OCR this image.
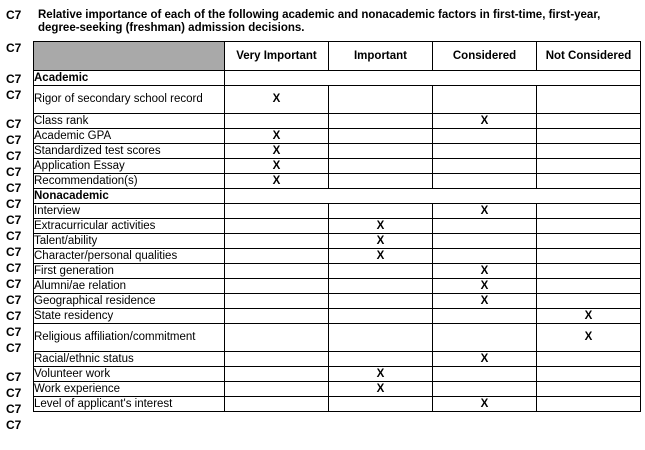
C7
C7
C7
C7
C7
C7
C7
C7
C7
C7
C7
C7
C7
C7
C7
C7
C7
C7
C7
C7
C7
C7
C7
Relative importance of each of the following academic and nonacademic factors in first-time, first-year, degree-seeking (freshman) admission decisions.
	Very Important	Important	Considered	Not Considered
Academic				
Rigor of secondary school record	X			
Class rank			X	
Academic GPA	X			
Standardized test scores	X			
Application Essay	X			
Recommendation(s)	X			
Nonacademic				
Interview			X	
Extracurricular activities		X		
Talent/ability		X		
Character/personal qualities		X		
First generation			X	
Alumni/ae relation			X	
Geographical residence			X	
State residency				X
Religious affiliation/commitment				X
Racial/ethnic status			X	
Volunteer work		X		
Work experience		X		
Level of applicant's interest			X	
